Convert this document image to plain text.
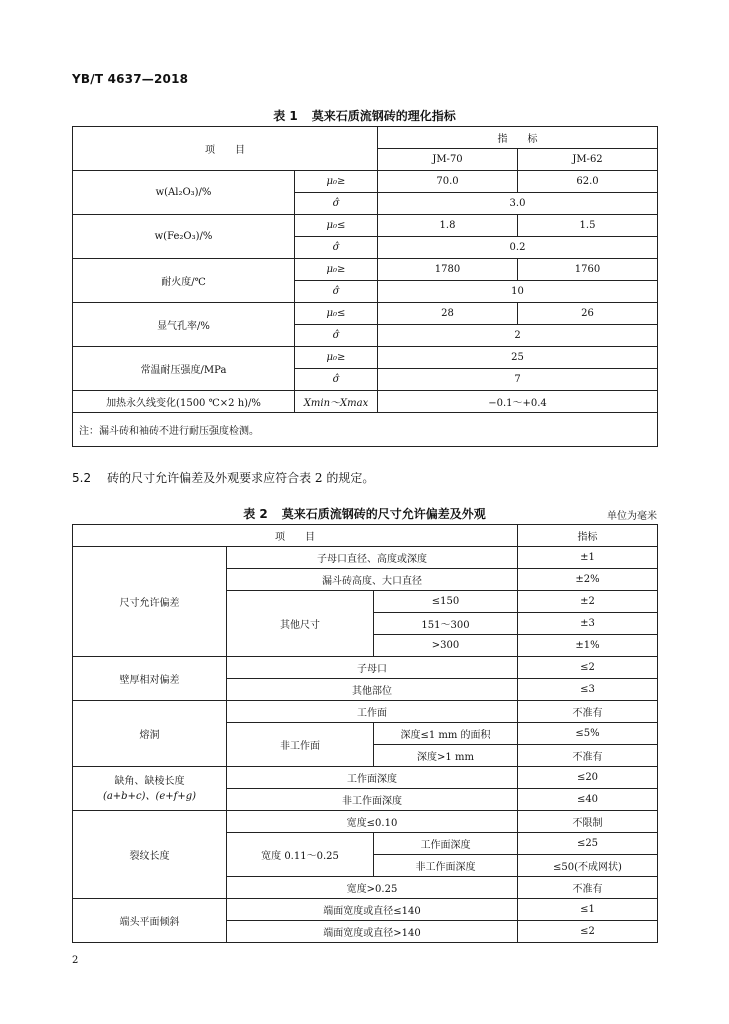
YB/T 4637—2018
表 1 莫来石质流钢砖的理化指标
项　　目		指　　标	
		JM-70	JM-62
w(Al₂O₃)/%	μ₀≥	70.0	62.0
	σ̂	3.0	
w(Fe₂O₃)/%	μ₀≤	1.8	1.5
	σ̂	0.2	
耐火度/℃	μ₀≥	1780	1760
	σ̂	10	
显气孔率/%	μ₀≤	28	26
	σ̂	2	
常温耐压强度/MPa	μ₀≥	25	
	σ̂	7	
加热永久线变化(1500 ℃×2 h)/%	Xmin～Xmax	−0.1～+0.4	
注：漏斗砖和袖砖不进行耐压强度检测。			
5.2 砖的尺寸允许偏差及外观要求应符合表 2 的规定。
表 2 莫来石质流钢砖的尺寸允许偏差及外观	单位为毫米
项　　目			指标
尺寸允许偏差	子母口直径、高度或深度		±1
	漏斗砖高度、大口直径		±2%
	其他尺寸	≤150	±2
		151～300	±3
		>300	±1%
壁厚相对偏差	子母口		≤2
	其他部位		≤3
熔洞	工作面		不准有
	非工作面	深度≤1 mm 的面积	≤5%
		深度>1 mm	不准有

缺角、缺棱长度
(a+b+c)、(e+f+g)	工作面深度		≤20
	非工作面深度		≤40
裂纹长度	宽度≤0.10		不限制
	宽度 0.11～0.25	工作面深度	≤25
		非工作面深度	≤50(不成网状)
	宽度>0.25		不准有
端头平面倾斜	端面宽度或直径≤140		≤1
	端面宽度或直径>140		≤2
2
